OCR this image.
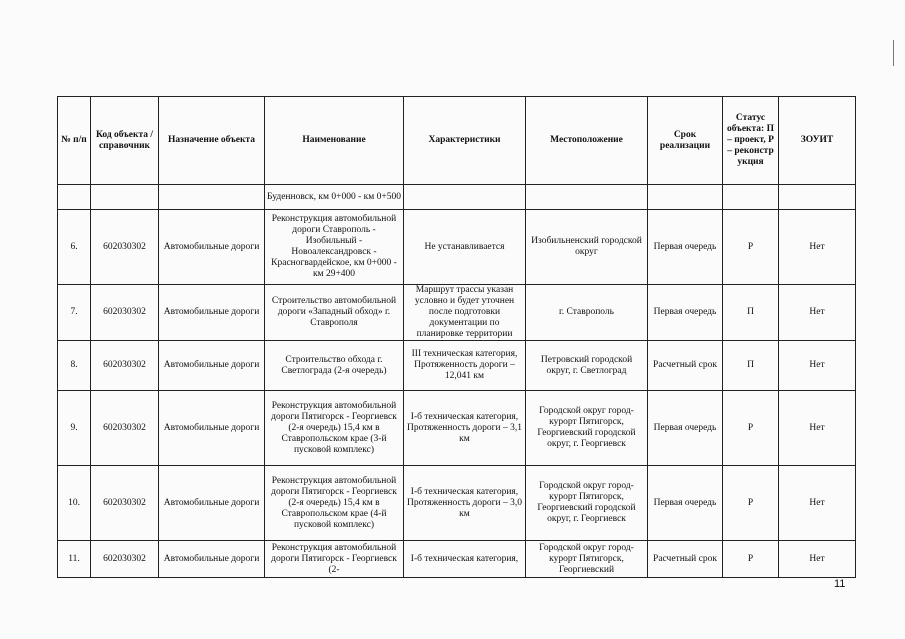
№ п/п	Код объекта / справочник	Назначение объекта	Наименование	Характеристики	Местоположение	Срок реализации	Статус объекта: П – проект, Р – реконстр укция	ЗОУИТ
			Буденновск, км 0+000 - км 0+500					
6.	602030302	Автомобильные дороги	Реконструкция автомобильной дороги Ставрополь - Изобильный - Новоалександровск - Красногвардейское, км 0+000 - км 29+400	Не устанавливается	Изобильненский городской округ	Первая очередь	Р	Нет
7.	602030302	Автомобильные дороги	Строительство автомобильной дороги «Западный обход» г. Ставрополя	Маршрут трассы указан условно и будет уточнен после подготовки документации по планировке территории	г. Ставрополь	Первая очередь	П	Нет
8.	602030302	Автомобильные дороги	Строительство обхода г. Светлограда (2-я очередь)	III техническая категория, Протяженность дороги – 12,041 км	Петровский городской округ, г. Светлоград	Расчетный срок	П	Нет
9.	602030302	Автомобильные дороги	Реконструкция автомобильной дороги Пятигорск - Георгиевск (2-я очередь) 15,4 км в Ставропольском крае (3-й пусковой комплекс)	I-б техническая категория, Протяженность дороги – 3,1 км	Городской округ город-курорт Пятигорск, Георгиевский городской округ, г. Георгиевск	Первая очередь	Р	Нет
10.	602030302	Автомобильные дороги	Реконструкция автомобильной дороги Пятигорск - Георгиевск (2-я очередь) 15,4 км в Ставропольском крае (4-й пусковой комплекс)	I-б техническая категория, Протяженность дороги – 3,0 км	Городской округ город-курорт Пятигорск, Георгиевский городской округ, г. Георгиевск	Первая очередь	Р	Нет
11.	602030302	Автомобильные дороги	Реконструкция автомобильной дороги Пятигорск - Георгиевск (2-	I-б техническая категория,	Городской округ город-курорт Пятигорск, Георгиевский	Расчетный срок	Р	Нет
11
